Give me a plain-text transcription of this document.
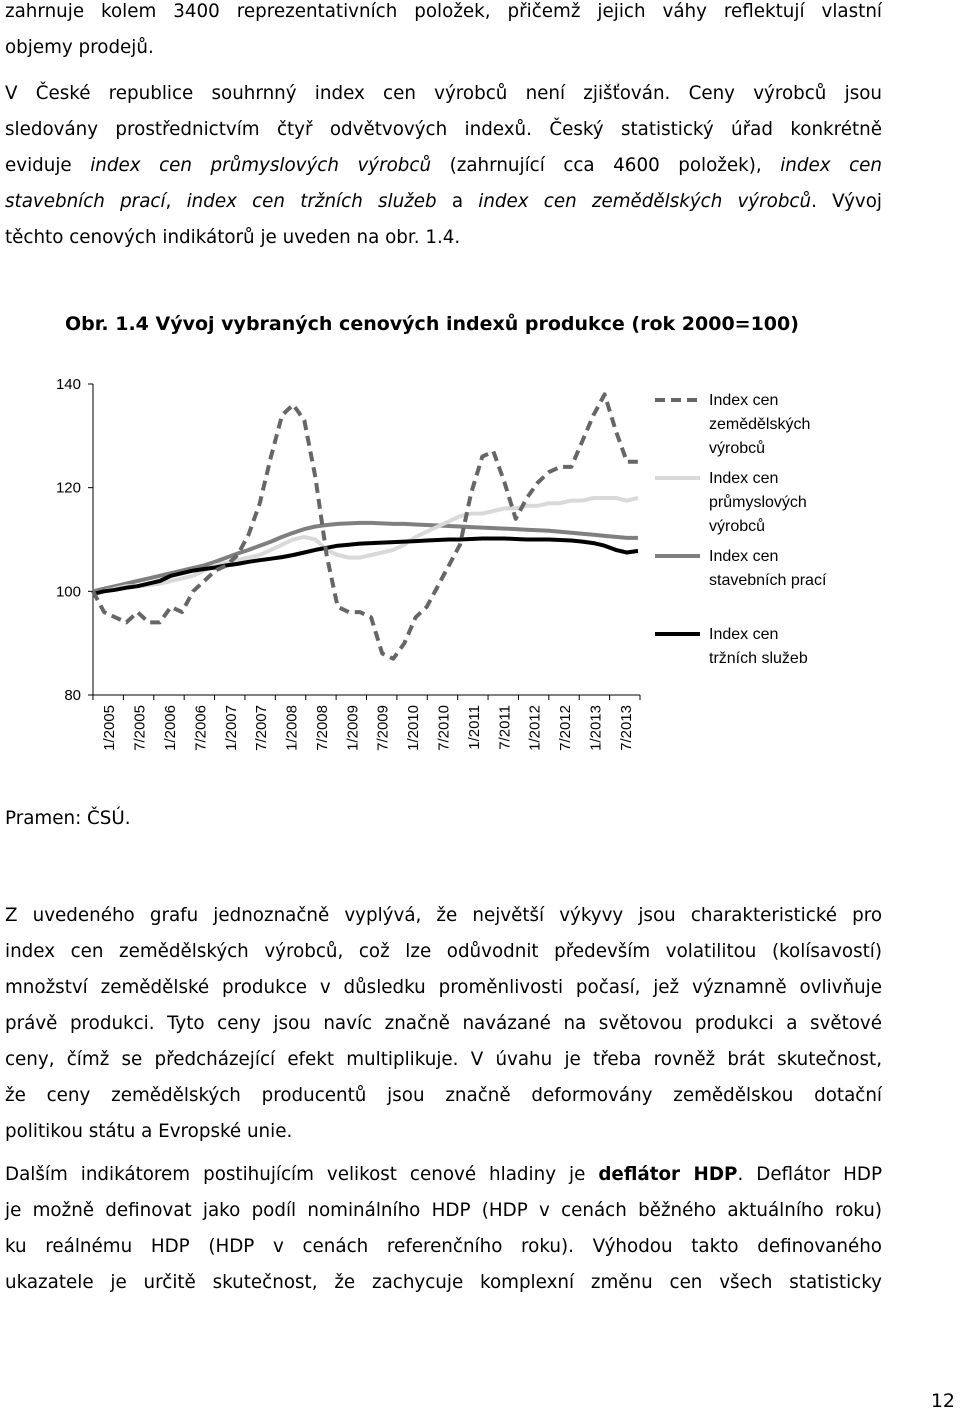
zahrnuje kolem 3400 reprezentativních položek, přičemž jejich váhy reflektují vlastní
objemy prodejů.
V České republice souhrnný index cen výrobců není zjišťován. Ceny výrobců jsou
sledovány prostřednictvím čtyř odvětvových indexů. Český statistický úřad konkrétně
eviduje index cen průmyslových výrobců (zahrnující cca 4600 položek), index cen
stavebních prací, index cen tržních služeb a index cen zemědělských výrobců. Vývoj
těchto cenových indikátorů je uveden na obr. 1.4.

Obr. 1.4 Vývoj vybraných cenových indexů produkce (rok 2000=100)

140
120
100
80
1/2005 7/2005 1/2006 7/2006 1/2007 7/2007 1/2008 7/2008 1/2009 7/2009 1/2010 7/2010 1/2011 7/2011 1/2012 7/2012 1/2013 7/2013
Index cen
zemědělských
výrobců
Index cen
průmyslových
výrobců
Index cen
stavebních prací
Index cen
tržních služeb
Pramen: ČSÚ.
Z uvedeného grafu jednoznačně vyplývá, že největší výkyvy jsou charakteristické pro
index cen zemědělských výrobců, což lze odůvodnit především volatilitou (kolísavostí)
množství zemědělské produkce v důsledku proměnlivosti počasí, jež významně ovlivňuje
právě produkci. Tyto ceny jsou navíc značně navázané na světovou produkci a světové
ceny, čímž se předcházející efekt multiplikuje. V úvahu je třeba rovněž brát skutečnost,
že ceny zemědělských producentů jsou značně deformovány zemědělskou dotační
politikou státu a Evropské unie.
Dalším indikátorem postihujícím velikost cenové hladiny je deflátor HDP. Deflátor HDP
je možně definovat jako podíl nominálního HDP (HDP v cenách běžného aktuálního roku)
ku reálnému HDP (HDP v cenách referenčního roku). Výhodou takto definovaného
ukazatele je určitě skutečnost, že zachycuje komplexní změnu cen všech statisticky
12
